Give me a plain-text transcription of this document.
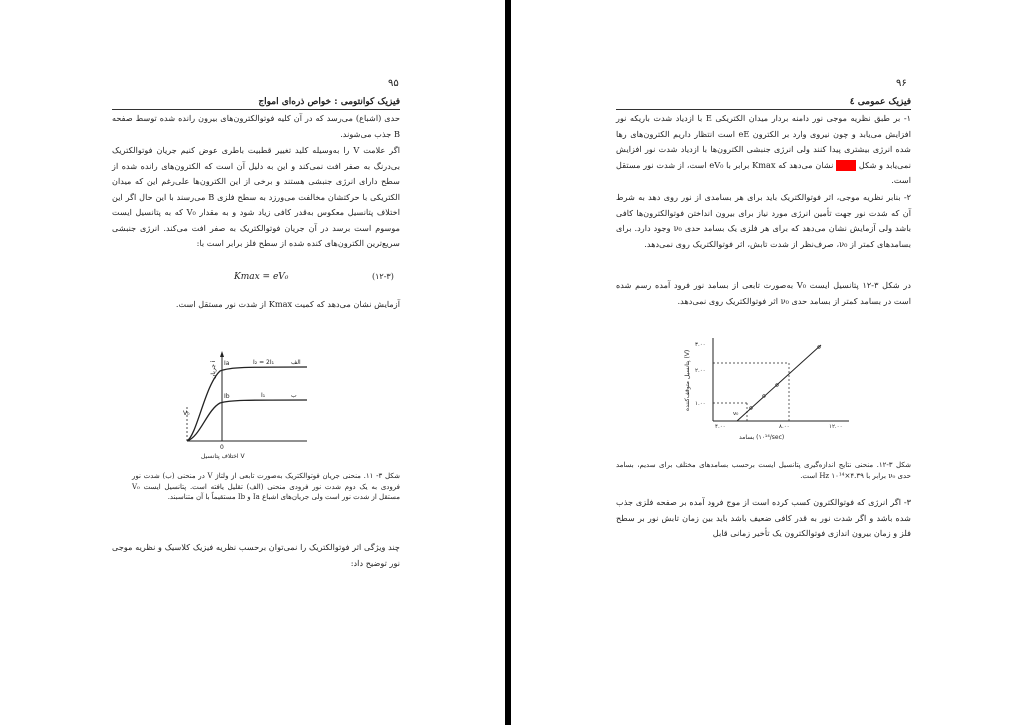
۹۵
فیزیک کوانتومی : خواص ذره‌ای امواج
حدی (اشباع) می‌رسد که در آن کلیه فوتوالکترون‌های بیرون رانده شده توسط صفحه B جذب می‌شوند.
اگر علامت V را به‌وسیله کلید تغییر قطبیت باطری عوض کنیم جریان فوتوالکتریک بی‌درنگ به صفر افت نمی‌کند و این به دلیل آن است که الکترون‌های رانده شده از سطح دارای انرژی جنبشی هستند و برخی از این الکترون‌ها علی‌رغم این که میدان الکتریکی با حرکتشان مخالفت می‌ورزد به سطح فلزی B می‌رسند با این حال اگر این اختلاف پتانسیل معکوس به‌قدر کافی زیاد شود و به مقدار V₀ که به پتانسیل ایست موسوم است برسد در آن جریان فوتوالکتریک به صفر افت می‌کند. انرژی جنبشی سریع‌ترین الکترون‌های کنده شده از سطح فلز برابر است با:
Kmax = eV₀	(۱۲-۳)
آزمایش نشان می‌دهد که کمیت Kmax از شدت نور مستقل است.
V₀
Ia
Ib
I₂ = 2I₁	الف
I₁	ب
0
اختلاف پتانسیل V
جریان i
شکل ۳- ۱۱. منحنی جریان فوتوالکتریک به‌صورت تابعی از ولتاژ V در منحنی (ب) شدت نور فرودی به یک دوم شدت نور فرودی منحنی (الف) تقلیل یافته است. پتانسیل ایست V₀ مستقل از شدت نور است ولی جریان‌های اشباع Ia و Ib مستقیماً با آن متناسبند.
چند ویژگی اثر فوتوالکتریک را نمی‌توان برحسب نظریه فیزیک کلاسیک و نظریه موجی نور توضیح داد:
۹۶
فیزیک عمومی ٤
۱- بر طبق نظریه موجی نور دامنه بردار میدان الکتریکی E با ازدیاد شدت باریکه نور افزایش می‌یابد و چون نیروی وارد بر الکترون eE است انتظار داریم الکترون‌های رها شده انرژی بیشتری پیدا کنند ولی انرژی جنبشی الکترون‌ها با ازدیاد شدت نور افزایش نمی‌یابد و شکل  نشان می‌دهد که Kmax برابر با eV₀ است، از شدت نور مستقل است.
۲- بنابر نظریه موجی، اثر فوتوالکتریک باید برای هر بسامدی از نور روی دهد به شرط آن که شدت نور جهت تأمین انرژی مورد نیاز برای بیرون انداختن فوتوالکترون‌ها کافی باشد ولی آزمایش نشان می‌دهد که برای هر فلزی یک بسامد حدی ν₀ وجود دارد. برای بسامدهای کمتر از ν₀، صرف‌نظر از شدت تابش، اثر فوتوالکتریک روی نمی‌دهد.
در شکل ۳-۱۲ پتانسیل ایست V₀ به‌صورت تابعی از بسامد نور فرود آمده رسم شده است در بسامد کمتر از بسامد حدی ν₀ اثر فوتوالکتریک روی نمی‌دهد.
۳.۰۰
۲.۰۰
۱.۰۰
۴.۰۰	۸.۰۰	۱۲.۰۰
ν₀
بسامد (۱۰¹⁴/sec)
پتانسیل متوقف‌کننده (V)
شکل ۳-۱۲. منحنی نتایج اندازه‌گیری پتانسیل ایست برحسب بسامدهای مختلف برای سدیم، بسامد حدی ν₀ برابر با ۴.۳۹×۱۰¹⁴ Hz است.
۳- اگر انرژی که فوتوالکترون کسب کرده است از موج فرود آمده بر صفحه فلزی جذب شده باشد و اگر شدت نور به قدر کافی ضعیف باشد باید بین زمان تابش نور بر سطح فلز و زمان بیرون اندازی فوتوالکترون یک تأخیر زمانی قابل
